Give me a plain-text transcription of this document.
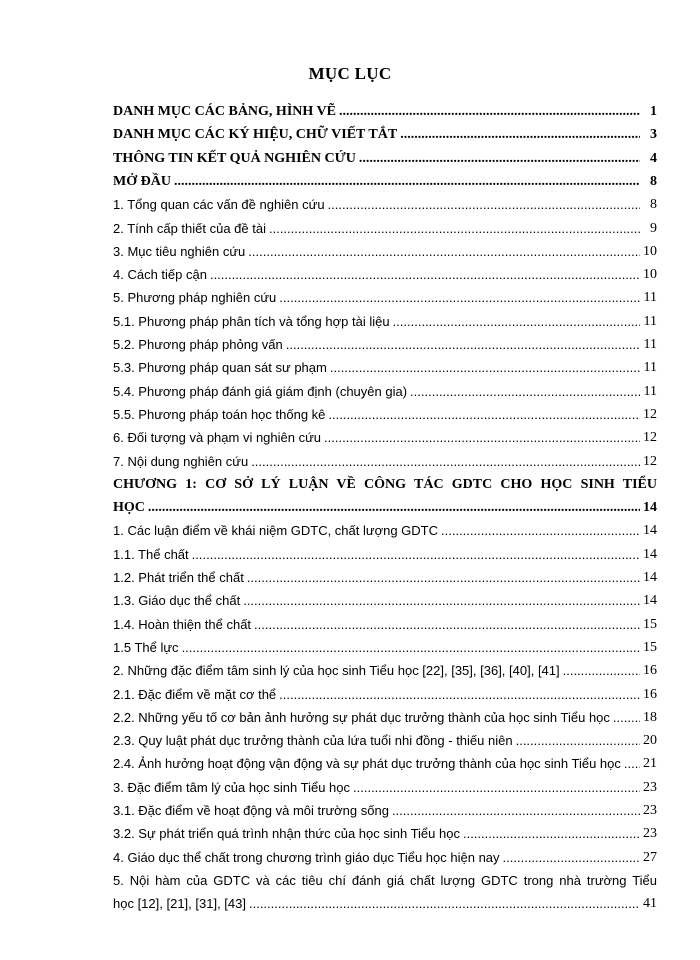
MỤC LỤC
DANH MỤC CÁC BẢNG, HÌNH VẼ .....	1
DANH MỤC CÁC KÝ HIỆU, CHỮ VIẾT TẮT .....	3
THÔNG TIN KẾT QUẢ NGHIÊN CỨU .....	4
MỞ ĐẦU .....	8
1. Tổng quan các vấn đề nghiên cứu .....	8
2. Tính cấp thiết của đề tài .....	9
3. Mục tiêu nghiên cứu .....	10
4. Cách tiếp cận .....	10
5. Phương pháp nghiên cứu .....	11
5.1. Phương pháp phân tích và tổng hợp tài liệu .....	11
5.2. Phương pháp phỏng vấn .....	11
5.3. Phương pháp quan sát sư phạm .....	11
5.4. Phương pháp đánh giá giám định (chuyên gia) .....	11
5.5. Phương pháp toán học thống kê .....	12
6. Đối tượng và phạm vi nghiên cứu .....	12
7. Nội dung nghiên cứu .....	12
CHƯƠNG 1: CƠ SỞ LÝ LUẬN VỀ CÔNG TÁC GDTC CHO HỌC SINH TIỂU
HỌC .....	14
1. Các luận điểm về khái niệm GDTC, chất lượng GDTC .....	14
1.1. Thể chất .....	14
1.2. Phát triển thể chất .....	14
1.3. Giáo dục thể chất .....	14
1.4. Hoàn thiện thể chất .....	15
1.5 Thể lực .....	15
2. Những đặc điểm tâm sinh lý của học sinh Tiểu học [22], [35], [36], [40], [41] .....	16
2.1. Đặc điểm về mặt cơ thể .....	16
2.2. Những yếu tố cơ bản ảnh hưởng sự phát dục trưởng thành của học sinh Tiểu học ..... 18
2.3. Quy luật phát dục trưởng thành của lứa tuổi nhi đồng - thiếu niên .....	20
2.4. Ảnh hưởng hoạt động vận động và sự phát dục trưởng thành của học sinh Tiểu học ..... 21
3. Đặc điểm tâm lý của học sinh Tiểu học .....	23
3.1. Đặc điểm về hoạt động và môi trường sống .....	23
3.2. Sự phát triển quá trình nhận thức của học sinh Tiểu học .....	23
4. Giáo dục thể chất trong chương trình giáo dục Tiểu học hiện nay .....	27
5. Nội hàm của GDTC và các tiêu chí đánh giá chất lượng GDTC trong nhà trường Tiểu
học [12], [21], [31], [43] .....	41
